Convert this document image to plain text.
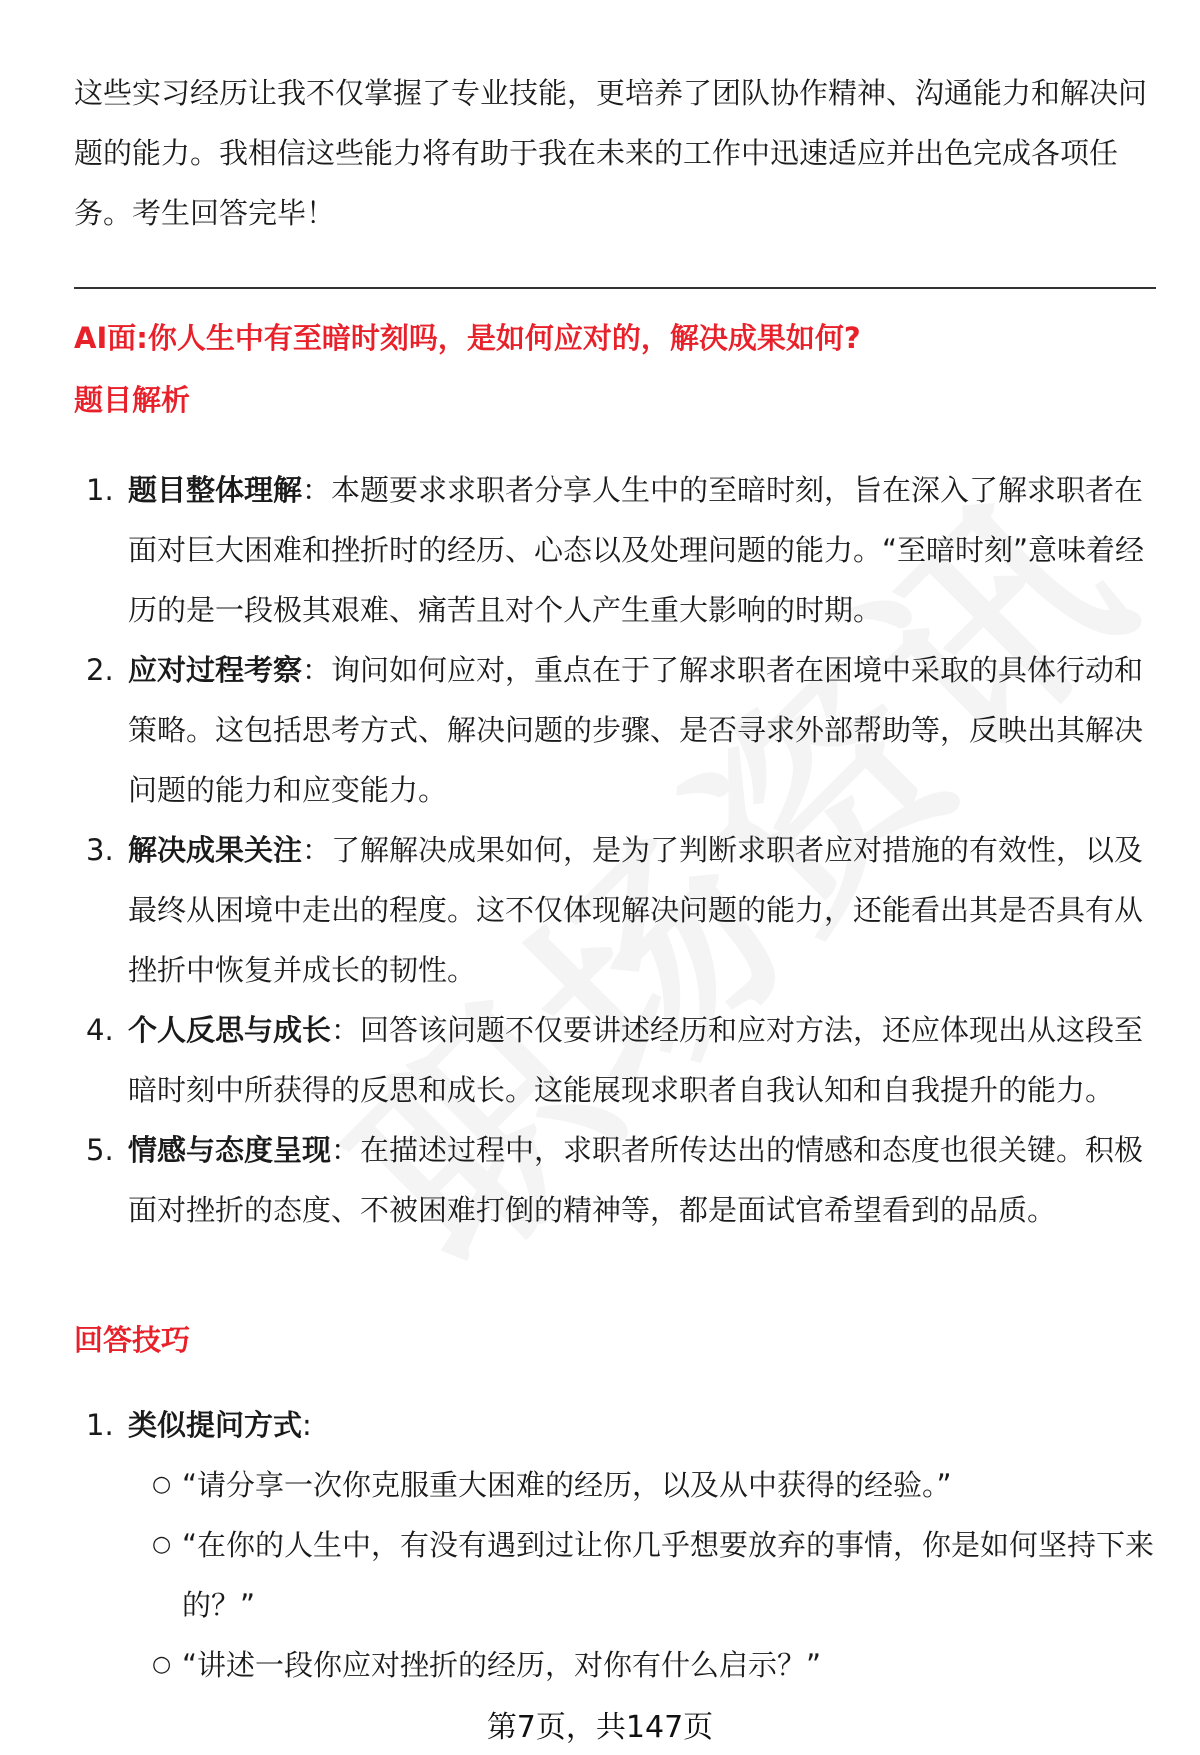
这些实习经历让我不仅掌握了专业技能，更培养了团队协作精神、沟通能力和解决问题的能力。我相信这些能力将有助于我在未来的工作中迅速适应并出色完成各项任务。考生回答完毕！
AI面:你人生中有至暗时刻吗，是如何应对的，解决成果如何?
题目解析
1. 题目整体理解：本题要求求职者分享人生中的至暗时刻，旨在深入了解求职者在面对巨大困难和挫折时的经历、心态以及处理问题的能力。“至暗时刻”意味着经历的是一段极其艰难、痛苦且对个人产生重大影响的时期。
2. 应对过程考察：询问如何应对，重点在于了解求职者在困境中采取的具体行动和策略。这包括思考方式、解决问题的步骤、是否寻求外部帮助等，反映出其解决问题的能力和应变能力。
3. 解决成果关注：了解解决成果如何，是为了判断求职者应对措施的有效性，以及最终从困境中走出的程度。这不仅体现解决问题的能力，还能看出其是否具有从挫折中恢复并成长的韧性。
4. 个人反思与成长：回答该问题不仅要讲述经历和应对方法，还应体现出从这段至暗时刻中所获得的反思和成长。这能展现求职者自我认知和自我提升的能力。
5. 情感与态度呈现：在描述过程中，求职者所传达出的情感和态度也很关键。积极面对挫折的态度、不被困难打倒的精神等，都是面试官希望看到的品质。
回答技巧
1. 类似提问方式:
○ “请分享一次你克服重大困难的经历，以及从中获得的经验。”
○ “在你的人生中，有没有遇到过让你几乎想要放弃的事情，你是如何坚持下来的？”
○ “讲述一段你应对挫折的经历，对你有什么启示？”
第7页，共147页
